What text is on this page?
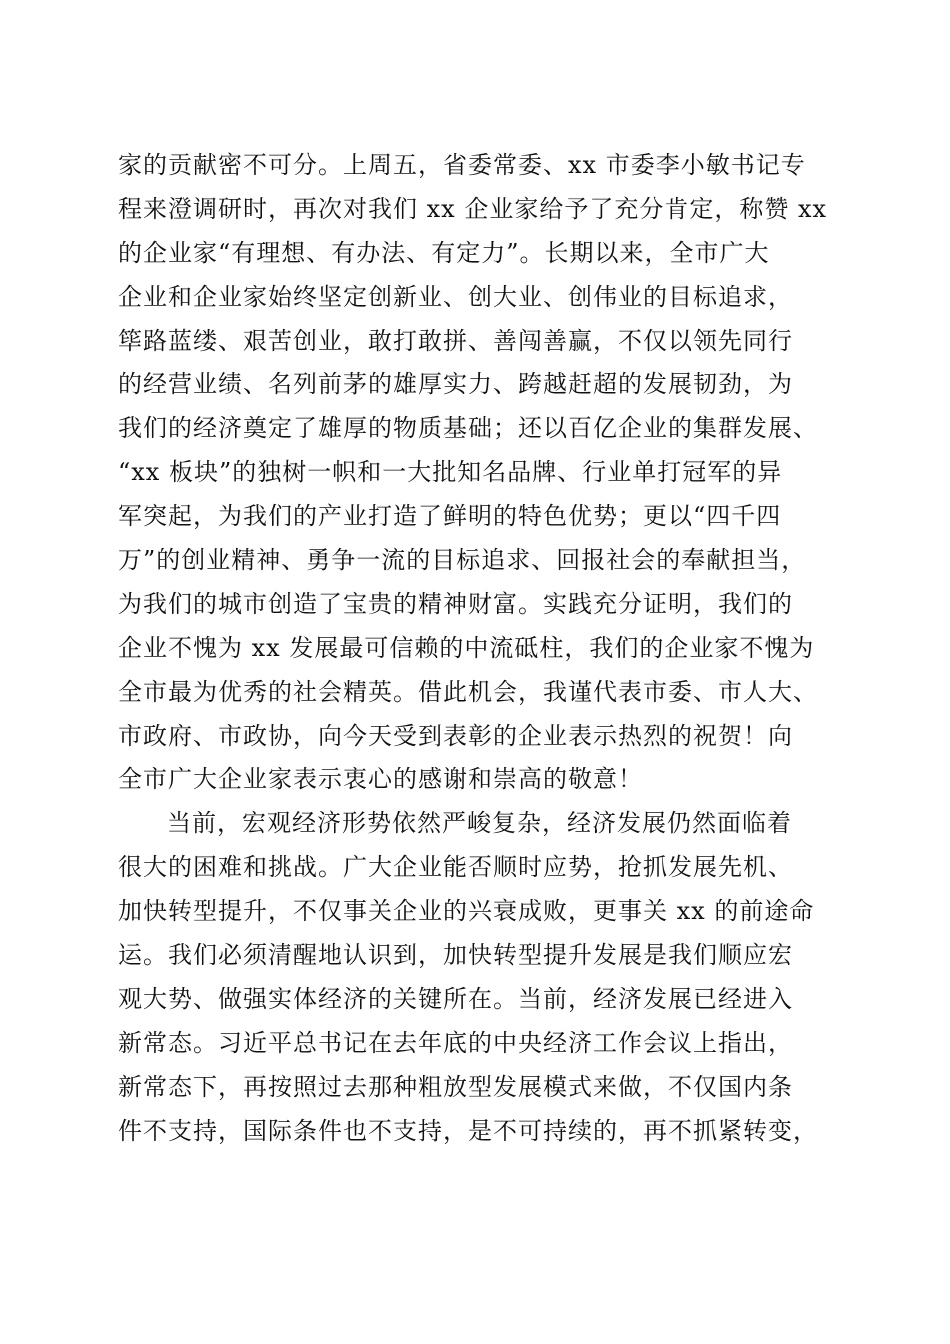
家的贡献密不可分。上周五，省委常委、xx 市委李小敏书记专
程来澄调研时，再次对我们 xx 企业家给予了充分肯定，称赞 xx
的企业家“有理想、有办法、有定力”。长期以来，全市广大
企业和企业家始终坚定创新业、创大业、创伟业的目标追求，
筚路蓝缕、艰苦创业，敢打敢拼、善闯善赢，不仅以领先同行
的经营业绩、名列前茅的雄厚实力、跨越赶超的发展韧劲，为
我们的经济奠定了雄厚的物质基础；还以百亿企业的集群发展、
“xx 板块”的独树一帜和一大批知名品牌、行业单打冠军的异
军突起，为我们的产业打造了鲜明的特色优势；更以“四千四
万”的创业精神、勇争一流的目标追求、回报社会的奉献担当，
为我们的城市创造了宝贵的精神财富。实践充分证明，我们的
企业不愧为 xx 发展最可信赖的中流砥柱，我们的企业家不愧为
全市最为优秀的社会精英。借此机会，我谨代表市委、市人大、
市政府、市政协，向今天受到表彰的企业表示热烈的祝贺！向
全市广大企业家表示衷心的感谢和崇高的敬意！
当前，宏观经济形势依然严峻复杂，经济发展仍然面临着
很大的困难和挑战。广大企业能否顺时应势，抢抓发展先机、
加快转型提升，不仅事关企业的兴衰成败，更事关 xx 的前途命
运。我们必须清醒地认识到，加快转型提升发展是我们顺应宏
观大势、做强实体经济的关键所在。当前，经济发展已经进入
新常态。习近平总书记在去年底的中央经济工作会议上指出，
新常态下，再按照过去那种粗放型发展模式来做，不仅国内条
件不支持，国际条件也不支持，是不可持续的，再不抓紧转变，
